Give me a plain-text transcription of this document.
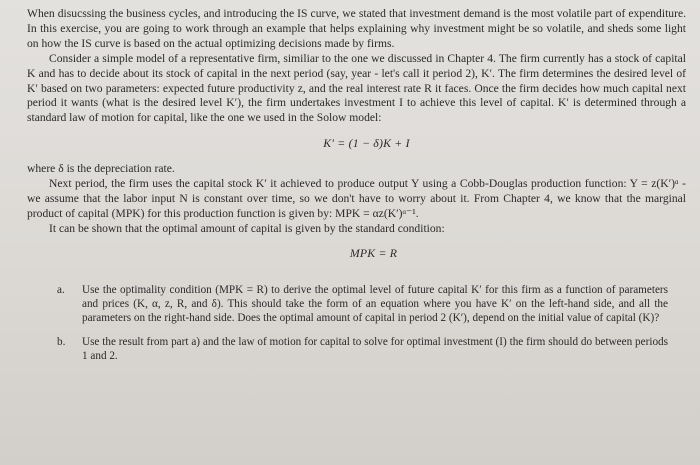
When disucssing the business cycles, and introducing the IS curve, we stated that investment demand is the most volatile part of expenditure. In this exercise, you are going to work through an example that helps explaining why investment might be so volatile, and sheds some light on how the IS curve is based on the actual optimizing decisions made by firms.

Consider a simple model of a representative firm, similiar to the one we discussed in Chapter 4. The firm currently has a stock of capital K and has to decide about its stock of capital in the next period (say, year - let's call it period 2), K′. The firm determines the desired level of K′ based on two parameters: expected future productivity z, and the real interest rate R it faces. Once the firm decides how much capital next period it wants (what is the desired level K′), the firm undertakes investment I to achieve this level of capital. K′ is determined through a standard law of motion for capital, like the one we used in the Solow model:

K′ = (1 − δ)K + I

where δ is the depreciation rate.

Next period, the firm uses the capital stock K′ it achieved to produce output Y using a Cobb-Douglas production function: Y = z(K′)ᵅ - we assume that the labor input N is constant over time, so we don't have to worry about it. From Chapter 4, we know that the marginal product of capital (MPK) for this production function is given by: MPK = αz(K′)ᵅ⁻¹.

It can be shown that the optimal amount of capital is given by the standard condition:

MPK = R

a. Use the optimality condition (MPK = R) to derive the optimal level of future capital K′ for this firm as a function of parameters and prices (K, α, z, R, and δ). This should take the form of an equation where you have K′ on the left-hand side, and all the parameters on the right-hand side. Does the optimal amount of capital in period 2 (K′), depend on the initial value of capital (K)?
b. Use the result from part a) and the law of motion for capital to solve for optimal investment (I) the firm should do between periods 1 and 2.
